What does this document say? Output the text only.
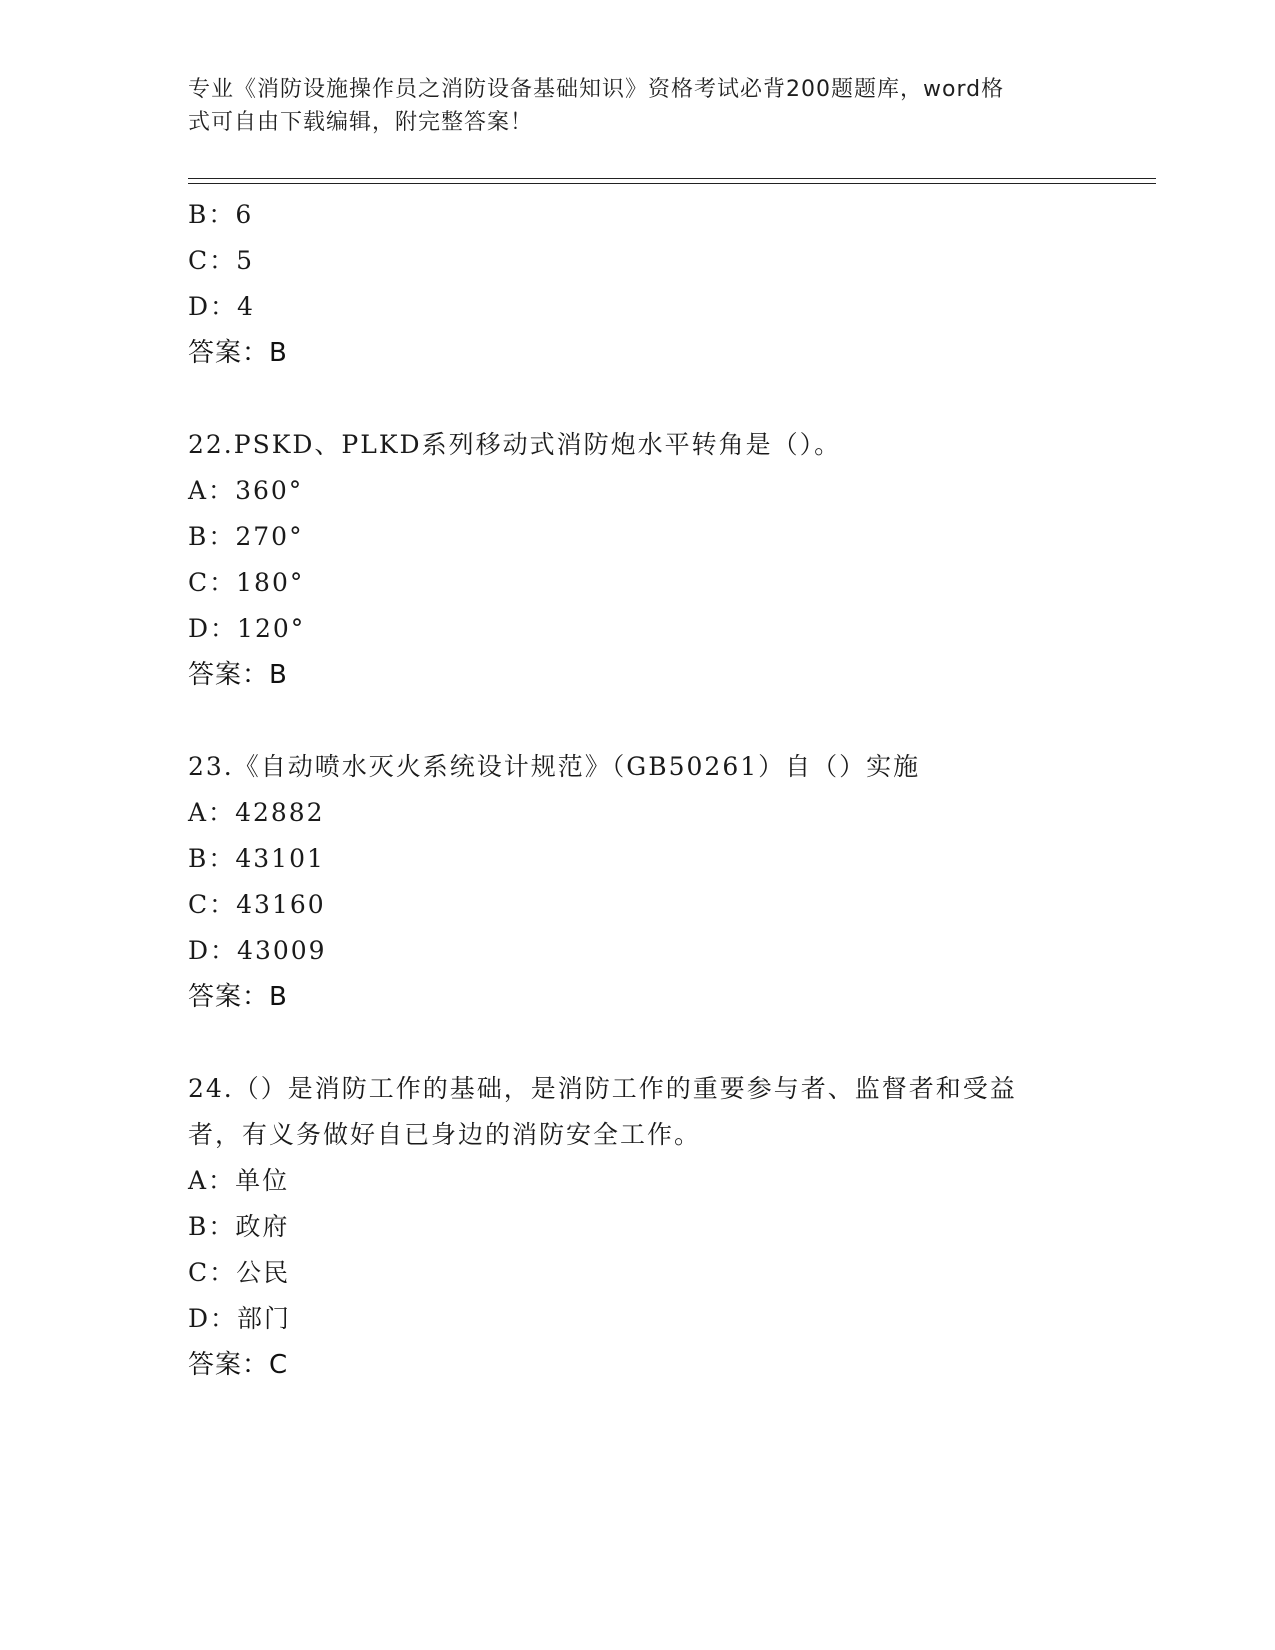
专业《消防设施操作员之消防设备基础知识》资格考试必背200题题库，word格
式可自由下载编辑，附完整答案！
B：6
C：5
D：4
答案：B
22.PSKD、PLKD系列移动式消防炮水平转角是（）。
A：360°
B：270°
C：180°
D：120°
答案：B
23.《自动喷水灭火系统设计规范》（GB50261）自（）实施
A：42882
B：43101
C：43160
D：43009
答案：B
24.（）是消防工作的基础，是消防工作的重要参与者、监督者和受益
者，有义务做好自已身边的消防安全工作。
A：单位
B：政府
C：公民
D：部门
答案：C
